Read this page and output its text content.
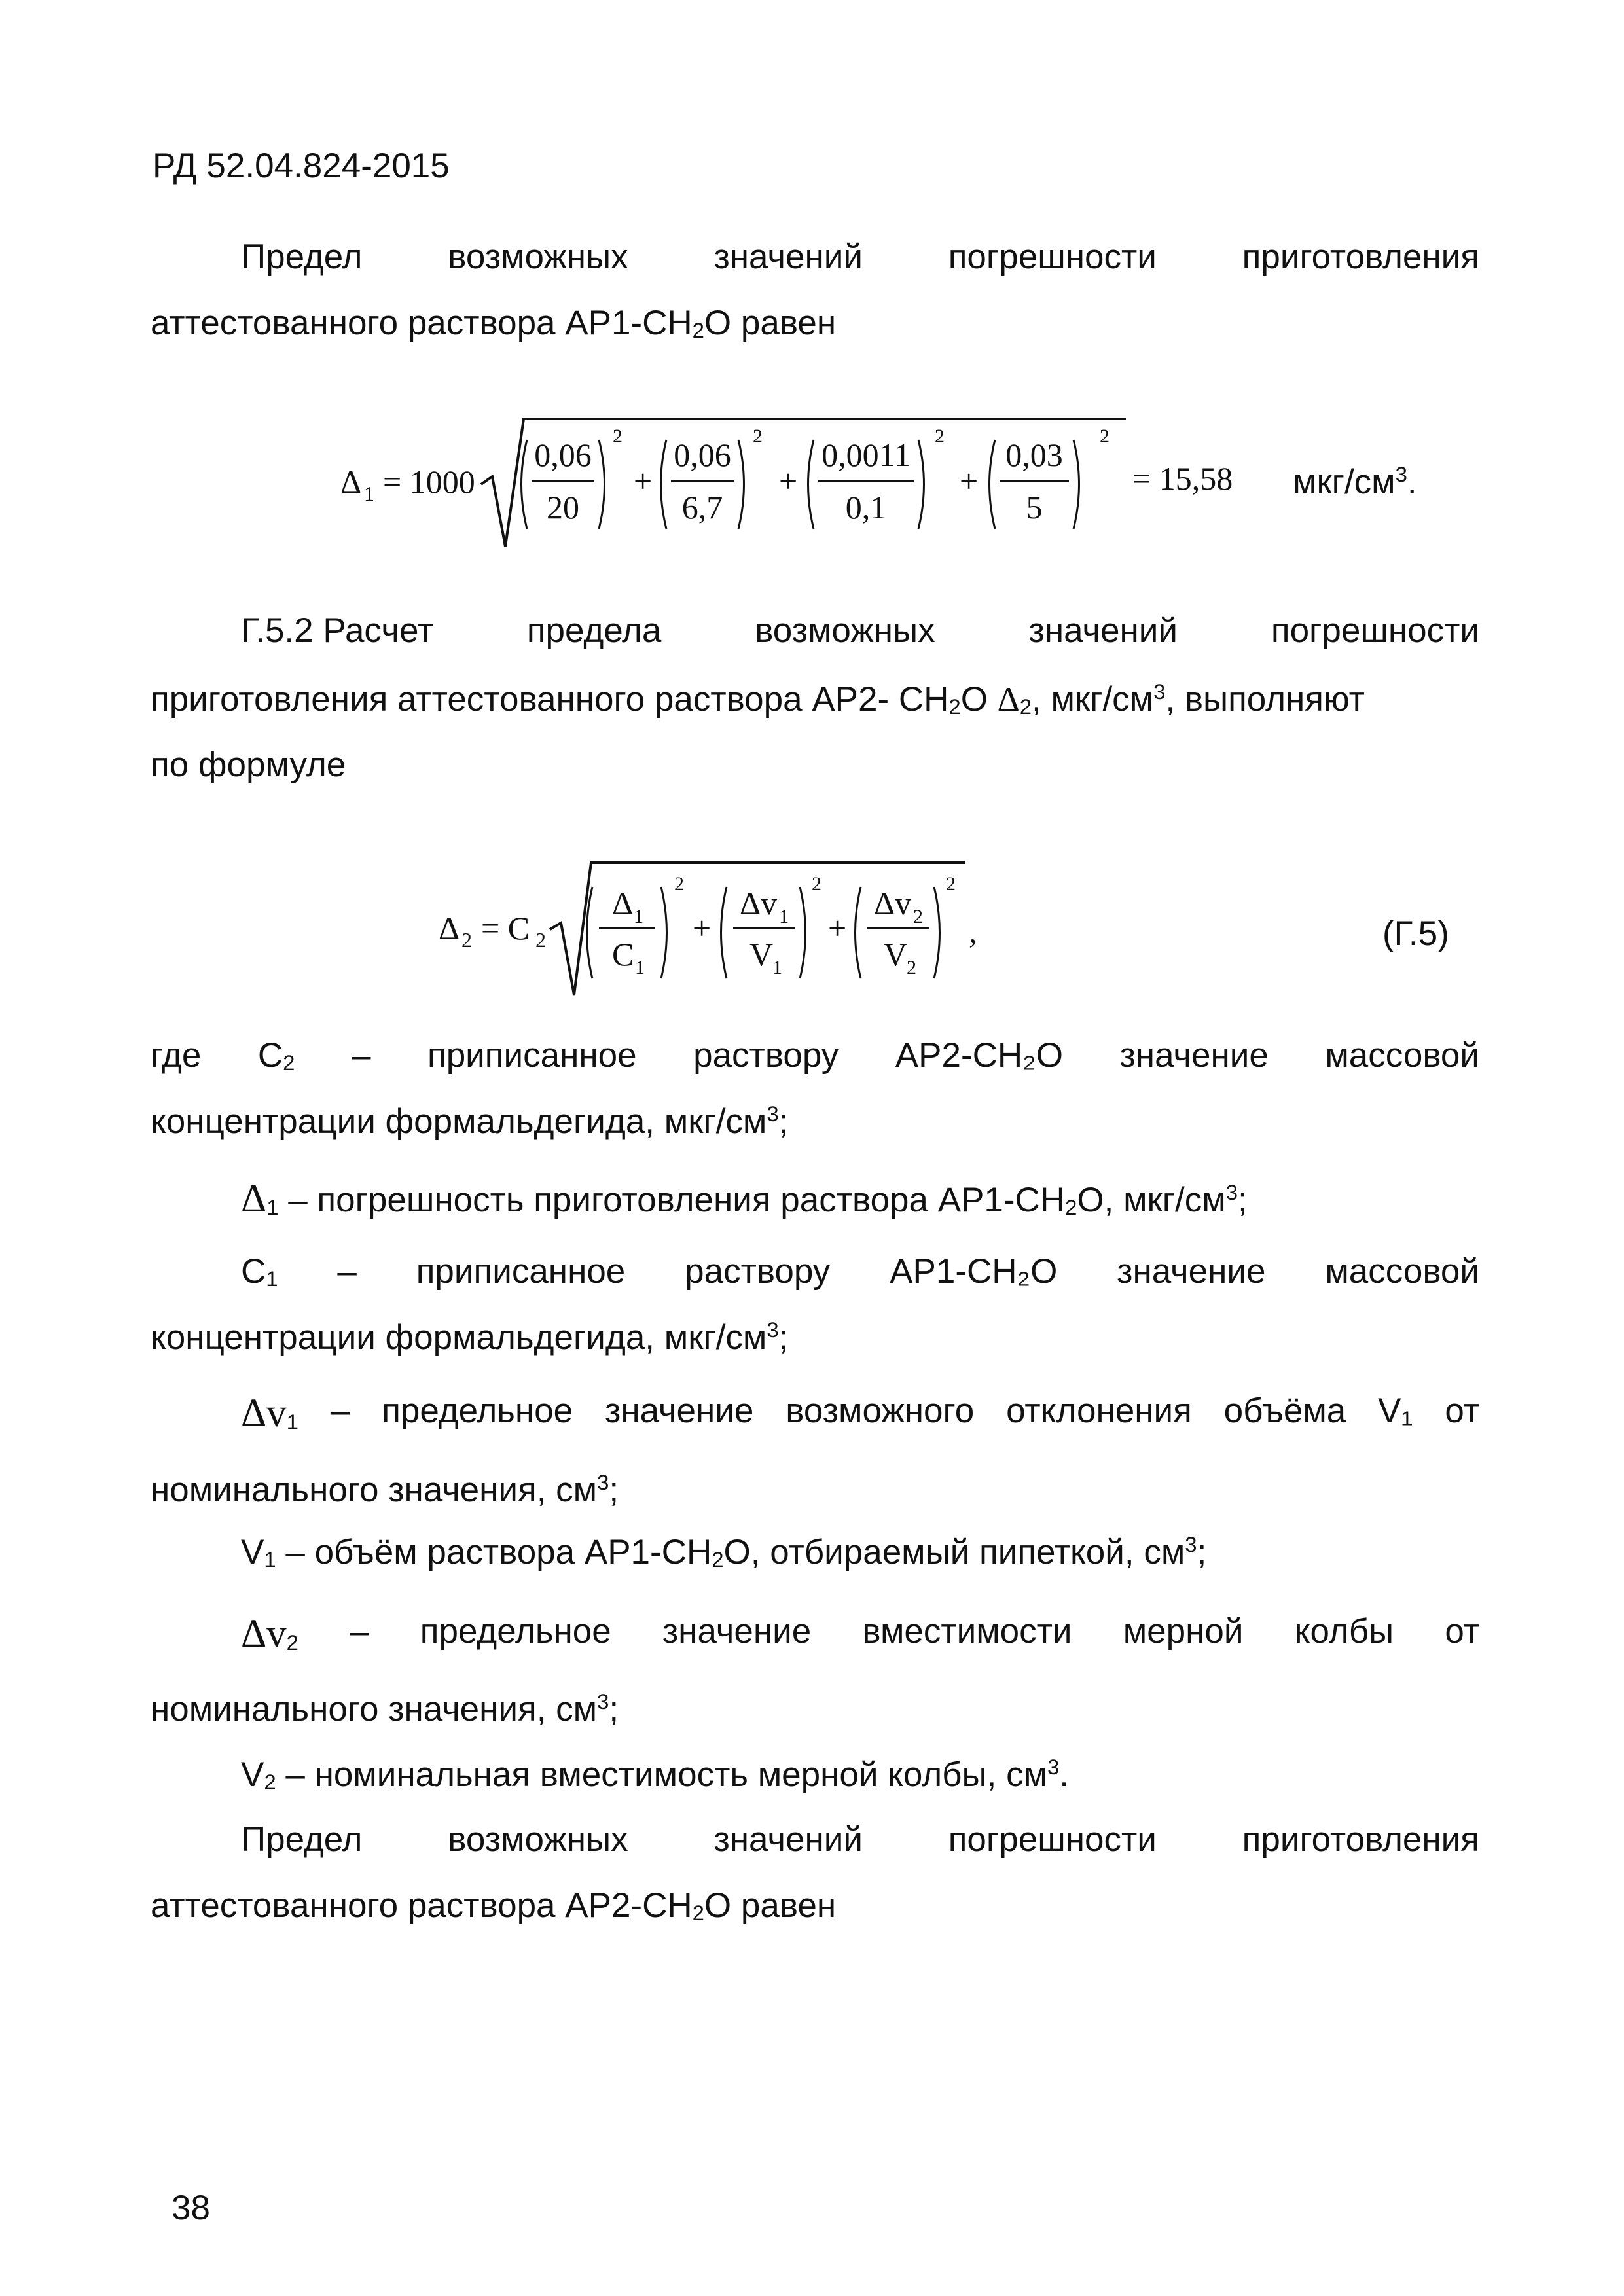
РД 52.04.824-2015
Предел возможных значений погрешности приготовления
аттестованного раствора АР1-СН2О равен
Δ 1 = 1000
0,06
20
2
+
0,06
6,7
2
+
0,0011
0,1
2
+
0,03
5
2
= 15,58 мкг/$см^3$.
Г.5.2 Расчет	предела	возможных	значений	погрешности
приготовления аттестованного раствора АР2- СН2О Δ2, мкг/$см^3$, выполняют
по формуле
Δ 2 = C 2
Δ 1
C 1
2
+
Δv 1
V
1
2
+
Δv 2
V
2
2
,	(Г.5)
где C2 – приписанное раствору АР2-СН₂О значение массовой
концентрации формальдегида, мкг/$см^3$;
Δ1 – погрешность приготовления раствора АР1-СН2О, мкг/$см^3$;
C1 – приписанное раствору АР1-СН₂О значение массовой
концентрации формальдегида, мкг/$см^3$;
Δv1 – предельное значение возможного отклонения объёма V₁ от
номинального значения, $см^3$;
V1 – объём раствора АР1-СН2О, отбираемый пипеткой, $см^3$;
Δv2 – предельное значение вместимости мерной колбы от
номинального значения, $см^3$;
V2 – номинальная вместимость мерной колбы, $см^3$.
Предел возможных значений погрешности приготовления
аттестованного раствора АР2-СН2О равен
38
